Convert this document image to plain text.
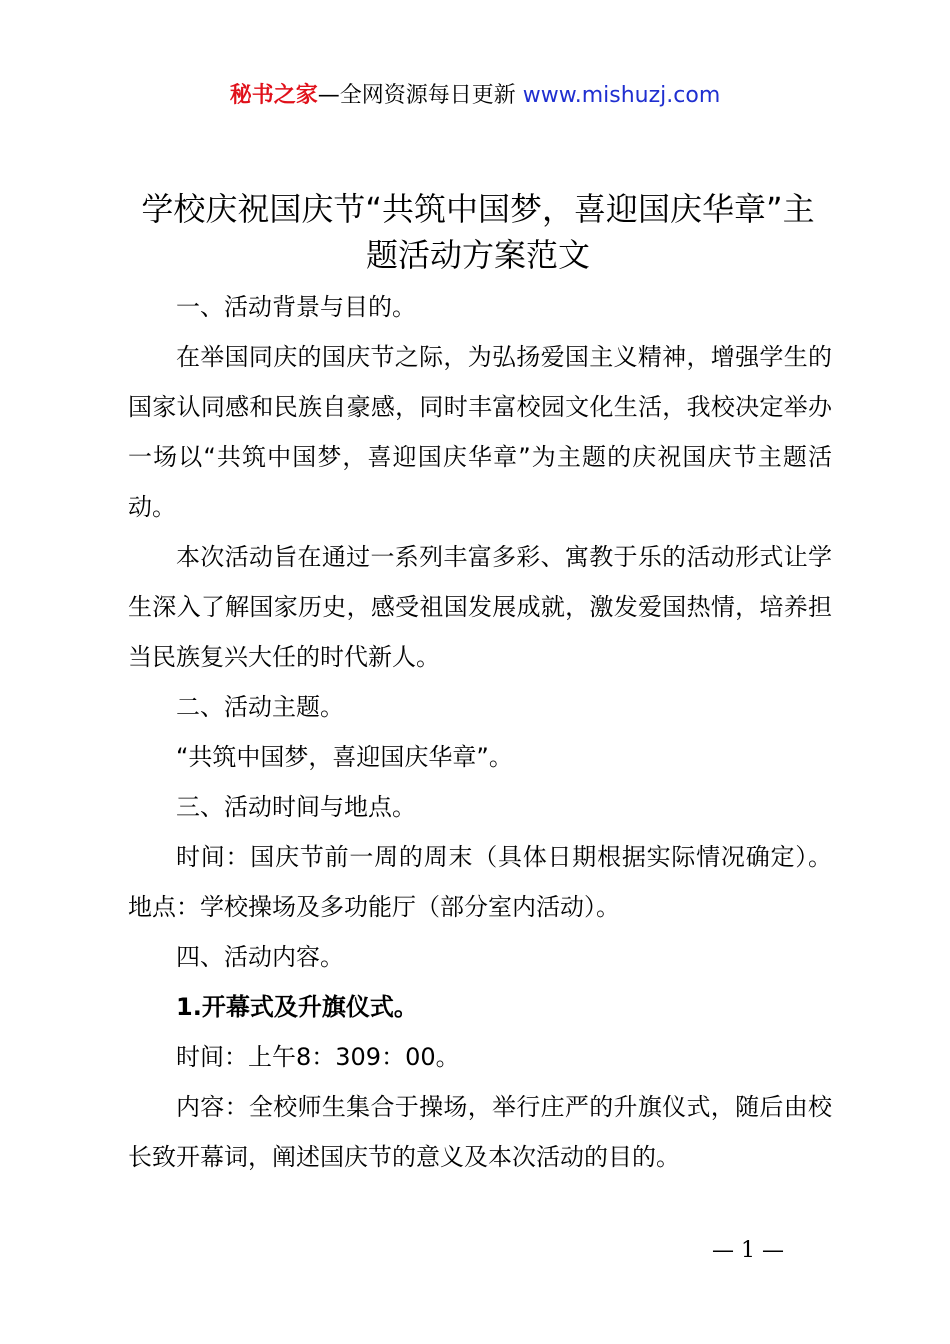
秘书之家—全网资源每日更新 www.mishuzj.com
学校庆祝国庆节“共筑中国梦，喜迎国庆华章”主题活动方案范文

一、活动背景与目的。

在举国同庆的国庆节之际，为弘扬爱国主义精神，增强学生的国家认同感和民族自豪感，同时丰富校园文化生活，我校决定举办一场以“共筑中国梦，喜迎国庆华章”为主题的庆祝国庆节主题活动。

本次活动旨在通过一系列丰富多彩、寓教于乐的活动形式让学生深入了解国家历史，感受祖国发展成就，激发爱国热情，培养担当民族复兴大任的时代新人。

二、活动主题。

“共筑中国梦，喜迎国庆华章”。

三、活动时间与地点。

时间：国庆节前一周的周末（具体日期根据实际情况确定）。地点：学校操场及多功能厅（部分室内活动）。

四、活动内容。

1.开幕式及升旗仪式。

时间：上午8：309：00。

内容：全校师生集合于操场，举行庄严的升旗仪式，随后由校长致开幕词，阐述国庆节的意义及本次活动的目的。

— 1 —
